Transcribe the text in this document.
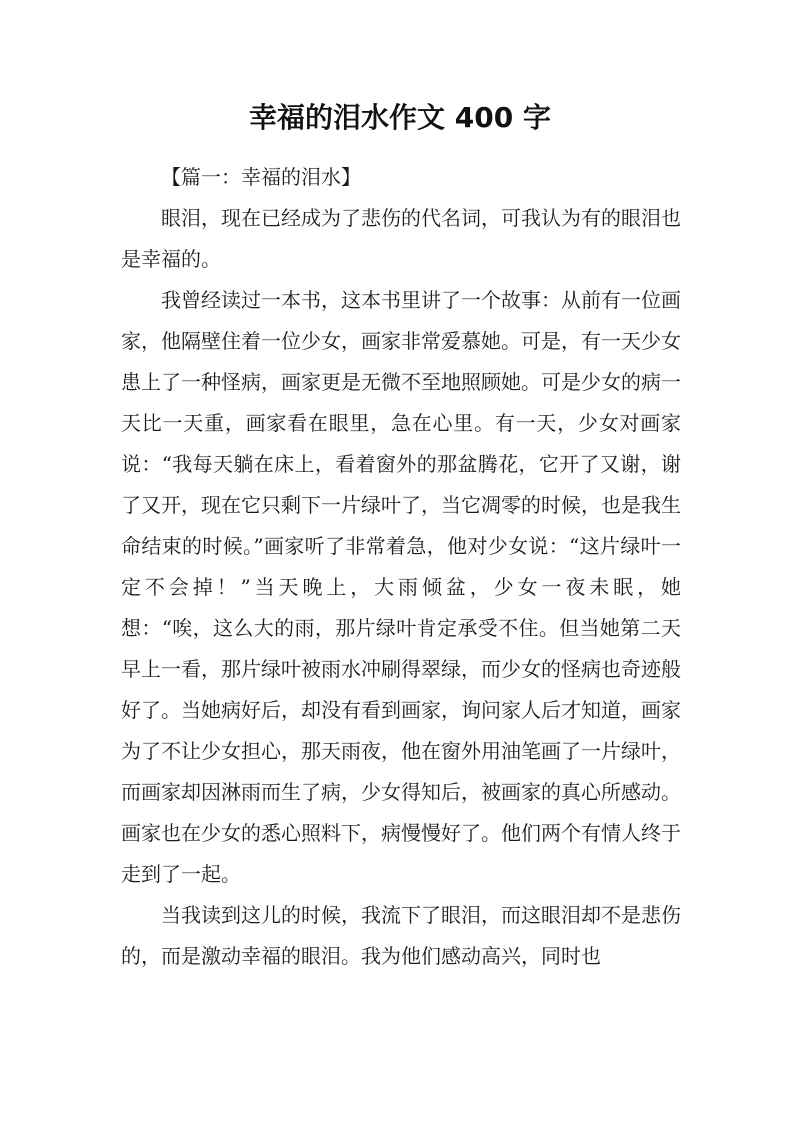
幸福的泪水作文 400 字

【篇一：幸福的泪水】

眼泪，现在已经成为了悲伤的代名词，可我认为有的眼泪也是幸福的。

我曾经读过一本书，这本书里讲了一个故事：从前有一位画家，他隔壁住着一位少女，画家非常爱慕她。可是，有一天少女患上了一种怪病，画家更是无微不至地照顾她。可是少女的病一天比一天重，画家看在眼里，急在心里。有一天，少女对画家说：“我每天躺在床上，看着窗外的那盆腾花，它开了又谢，谢了又开，现在它只剩下一片绿叶了，当它凋零的时候，也是我生命结束的时候。”画家听了非常着急，他对少女说：“这片绿叶一定不会掉！”当天晚上，大雨倾盆，少女一夜未眠，她想：“唉，这么大的雨，那片绿叶肯定承受不住。但当她第二天早上一看，那片绿叶被雨水冲刷得翠绿，而少女的怪病也奇迹般好了。当她病好后，却没有看到画家，询问家人后才知道，画家为了不让少女担心，那天雨夜，他在窗外用油笔画了一片绿叶，而画家却因淋雨而生了病，少女得知后，被画家的真心所感动。画家也在少女的悉心照料下，病慢慢好了。他们两个有情人终于走到了一起。

当我读到这儿的时候，我流下了眼泪，而这眼泪却不是悲伤的，而是激动幸福的眼泪。我为他们感动高兴，同时也
